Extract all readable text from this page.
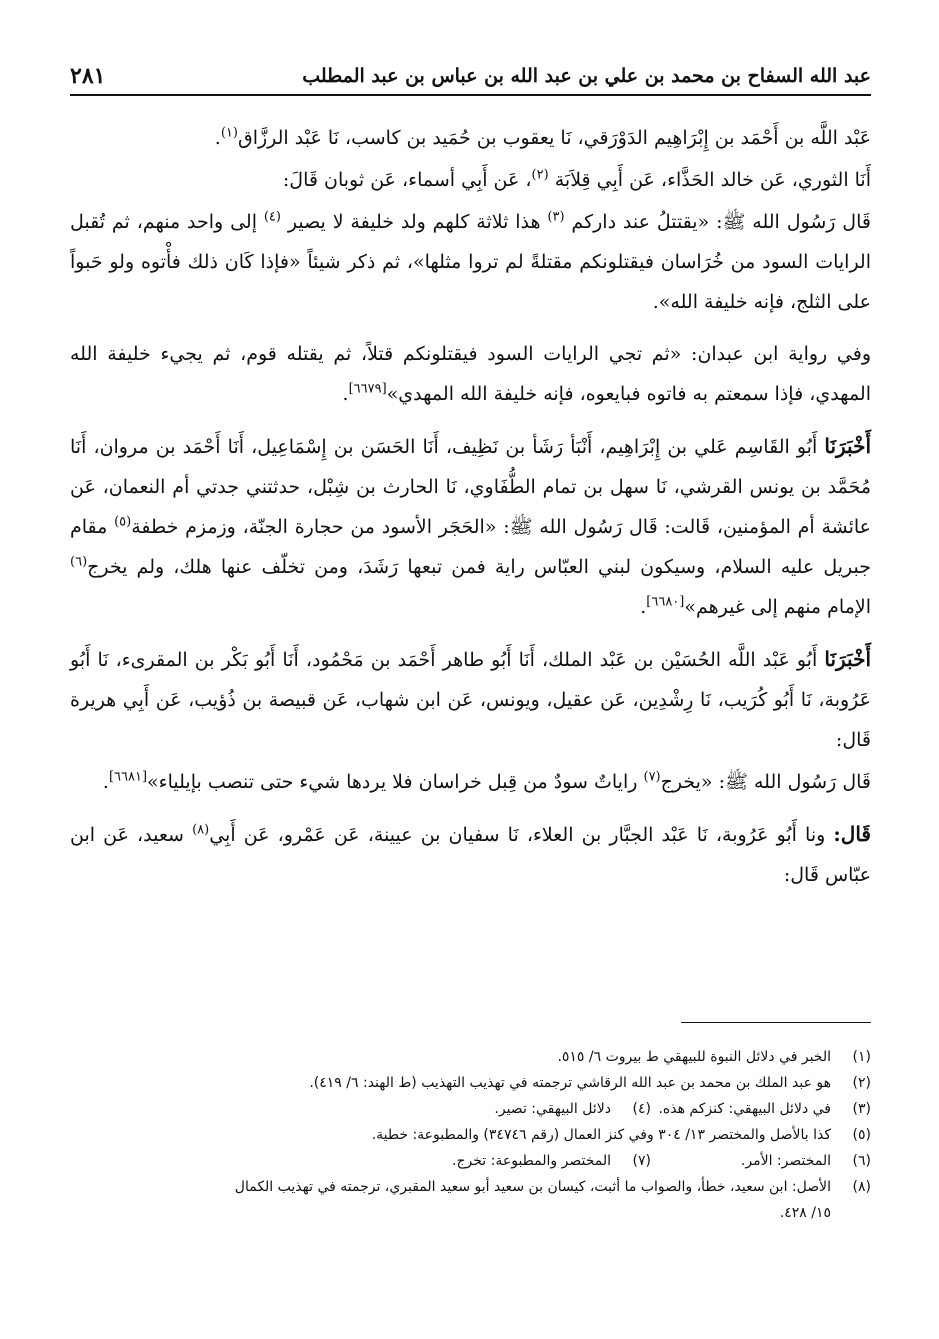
عبد الله السفاح بن محمد بن علي بن عبد الله بن عباس بن عبد المطلب
٢٨١

عَبْد اللَّه بن أَحْمَد بن إِبْرَاهِيم الدَوْرَقي، نَا يعقوب بن حُمَيد بن كاسب، نَا عَبْد الرزَّاق$^{(١)}$.

أَنَا الثوري، عَن خالد الحَذَّاء، عَن أَبِي قِلاَبَة $^{(٢)}$، عَن أَبِي أسماء، عَن ثوبان قَالَ:

قَال رَسُول الله ﷺ: «يقتتلُ عند داركم $^{(٣)}$ هذا ثلاثة كلهم ولد خليفة لا يصير $^{(٤)}$ إلى واحد منهم، ثم تُقبل الرايات السود من خُرَاسان فيقتلونكم مقتلةً لم تروا مثلها»، ثم ذكر شيئاً «فإذا كَان ذلك فأْتوه ولو حَبواً على الثلج، فإنه خليفة الله».

وفي رواية ابن عبدان: «ثم تجي الرايات السود فيقتلونكم قتلاً، ثم يقتله قوم، ثم يجيء خليفة الله المهدي، فإذا سمعتم به فاتوه فبايعوه، فإنه خليفة الله المهدي»[٦٦٧٩].

أَخْبَرَنَا أَبُو القَاسِم عَلي بن إِبْرَاهِيم، أَنْبَأ رَشَأ بن نَظِيف، أَنَا الحَسَن بن إِسْمَاعِيل، أَنَا أَحْمَد بن مروان، أَنَا مُحَمَّد بن يونس القرشي، نَا سهل بن تمام الطُّفَاوي، نَا الحارث بن شِبْل، حدثتني جدتي أم النعمان، عَن عائشة أم المؤمنين، قَالت: قَال رَسُول الله ﷺ: «الحَجَر الأسود من حجارة الجنّة، وزمزم خطفة$^{(٥)}$ مقام جبريل عليه السلام، وسيكون لبني العبّاس راية فمن تبعها رَشَدَ، ومن تخلّف عنها هلك، ولم يخرج$^{(٦)}$ الإمام منهم إلى غيرهم»[٦٦٨٠].

أَخْبَرَنَا أَبُو عَبْد اللَّه الحُسَيْن بن عَبْد الملك، أَنَا أَبُو طاهر أَحْمَد بن مَحْمُود، أَنَا أَبُو بَكْر بن المقرىء، نَا أَبُو عَرُوبة، نَا أَبُو كُرَيب، نَا رِشْدِين، عَن عقيل، ويونس، عَن ابن شهاب، عَن قبيصة بن ذُؤيب، عَن أَبِي هريرة قَال:

قَال رَسُول الله ﷺ: «يخرج$^{(٧)}$ راياتٌ سودٌ من قِبل خراسان فلا يردها شيء حتى تنصب بإيلياء»[٦٦٨١].

قَال: ونا أَبُو عَرُوبة، نَا عَبْد الجبَّار بن العلاء، نَا سفيان بن عيينة، عَن عَمْرو، عَن أَبِي$^{(٨)}$ سعيد، عَن ابن عبّاس قَال:

(١)
الخبر في دلائل النبوة للبيهقي ط بيروت ٦/ ٥١٥.
(٢)
هو عبد الملك بن محمد بن عبد الله الرقاشي ترجمته في تهذيب التهذيب (ط الهند: ٦/ ٤١٩).
(٣)
في دلائل البيهقي: كنزكم هذه.
(٤)
دلائل البيهقي: تصير.
(٥)
كذا بالأصل والمختصر ١٣/ ٣٠٤ وفي كنز العمال (رقم ٣٤٧٤٦) والمطبوعة: خطية.
(٦)
المختصر: الأمر.
(٧)
المختصر والمطبوعة: تخرج.
(٨)
الأصل: ابن سعيد، خطأ، والصواب ما أثبت، كيسان بن سعيد أبو سعيد المقبري، ترجمته في تهذيب الكمال
١٥/ ٤٢٨.
